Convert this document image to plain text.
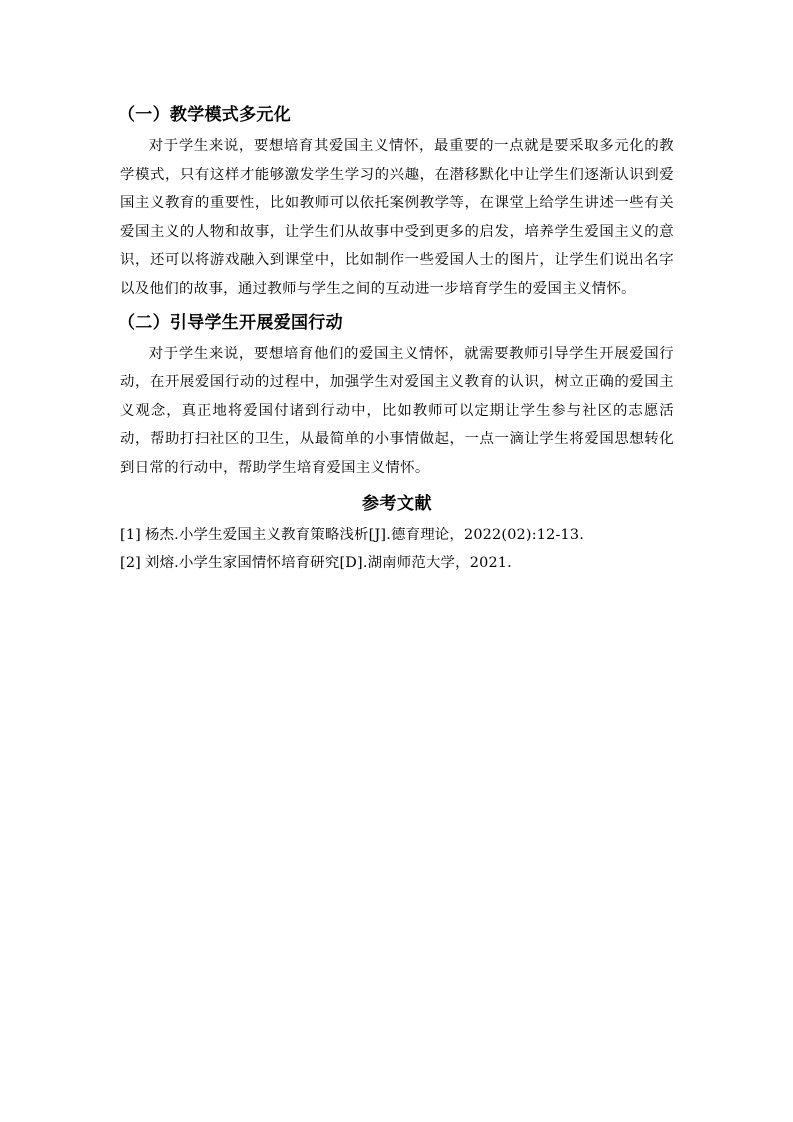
（一）教学模式多元化

对于学生来说，要想培育其爱国主义情怀，最重要的一点就是要采取多元化的教学模式，只有这样才能够激发学生学习的兴趣，在潜移默化中让学生们逐渐认识到爱国主义教育的重要性，比如教师可以依托案例教学等，在课堂上给学生讲述一些有关爱国主义的人物和故事，让学生们从故事中受到更多的启发，培养学生爱国主义的意识，还可以将游戏融入到课堂中，比如制作一些爱国人士的图片，让学生们说出名字以及他们的故事，通过教师与学生之间的互动进一步培育学生的爱国主义情怀。

（二）引导学生开展爱国行动

对于学生来说，要想培育他们的爱国主义情怀，就需要教师引导学生开展爱国行动，在开展爱国行动的过程中，加强学生对爱国主义教育的认识，树立正确的爱国主义观念，真正地将爱国付诸到行动中，比如教师可以定期让学生参与社区的志愿活动，帮助打扫社区的卫生，从最简单的小事情做起，一点一滴让学生将爱国思想转化到日常的行动中，帮助学生培育爱国主义情怀。

参考文献
[1] 杨杰.小学生爱国主义教育策略浅析[J].德育理论，2022(02):12-13.
[2] 刘熔.小学生家国情怀培育研究[D].湖南师范大学，2021.
